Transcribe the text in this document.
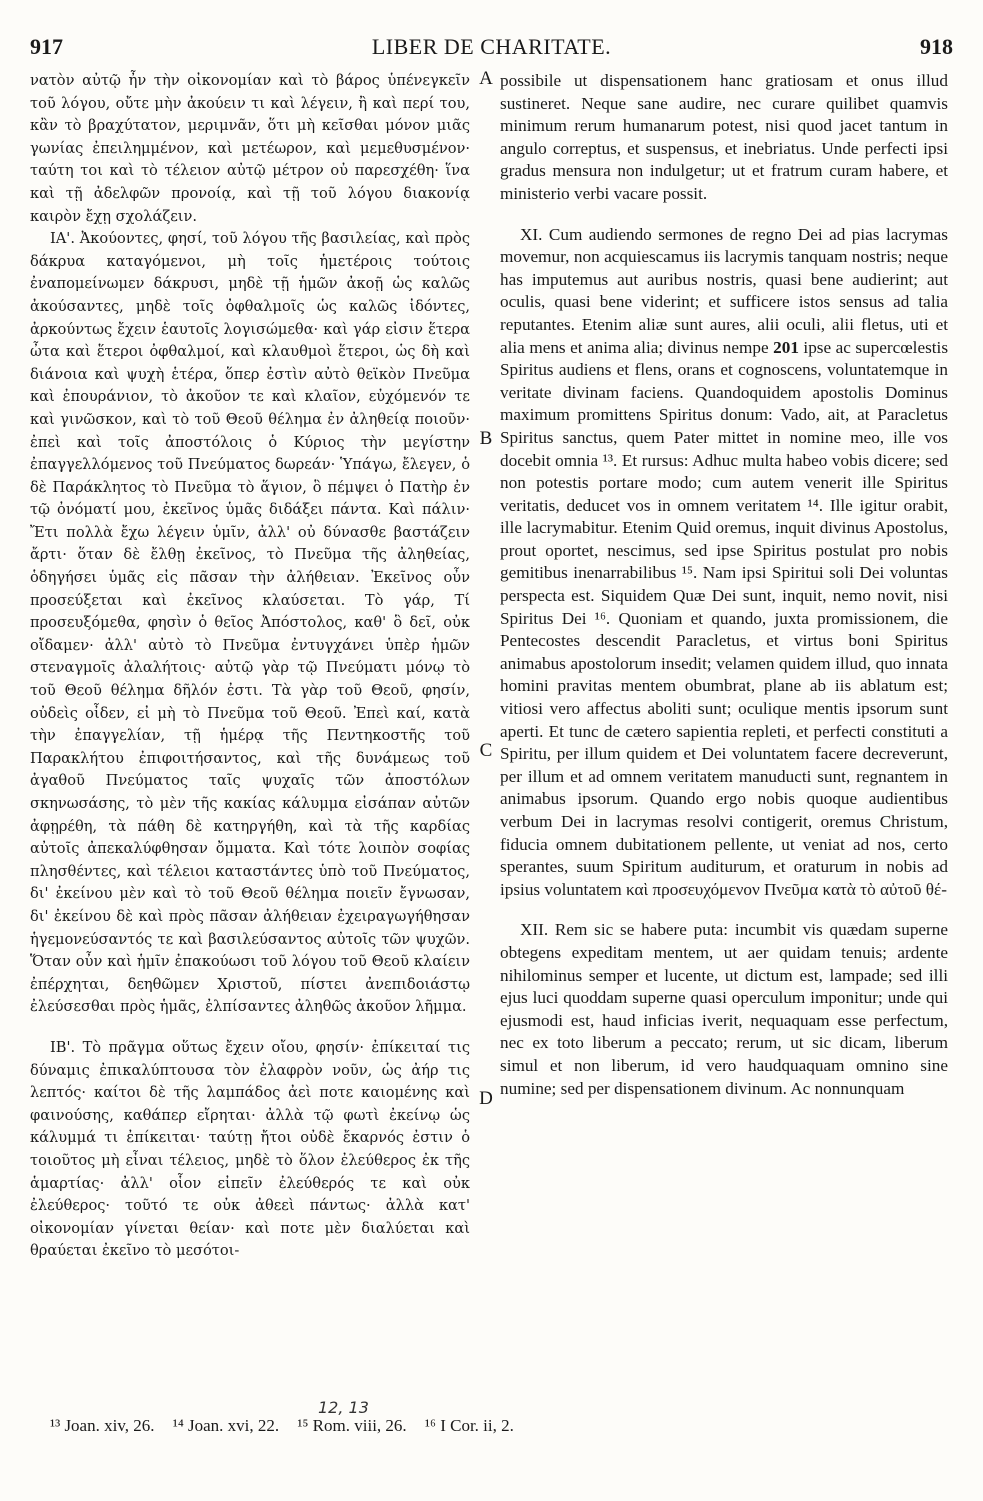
917	LIBER DE CHARITATE.	918

νατὸν αὐτῷ ἦν τὴν οἰκονομίαν καὶ τὸ βάρος ὑπένεγκεῖν τοῦ λόγου, οὔτε μὴν ἀκούειν τι καὶ λέγειν, ἢ καὶ περί του, κἂν τὸ βραχύτατον, μεριμνᾶν, ὅτι μὴ κεῖσθαι μόνον μιᾶς γωνίας ἐπειλημμένον, καὶ μετέωρον, καὶ μεμεθυσμένον· ταύτη τοι καὶ τὸ τέλειον αὐτῷ μέτρον οὐ παρεσχέθη· ἵνα καὶ τῇ ἀδελφῶν προνοίᾳ, καὶ τῇ τοῦ λόγου διακονίᾳ καιρὸν ἔχῃ σχολάζειν.

ΙΑ'. Ἀκούοντες, φησί, τοῦ λόγου τῆς βασιλείας, καὶ πρὸς δάκρυα καταγόμενοι, μὴ τοῖς ἡμετέροις τούτοις ἐναπομείνωμεν δάκρυσι, μηδὲ τῇ ἡμῶν ἀκοῇ ὡς καλῶς ἀκούσαντες, μηδὲ τοῖς ὀφθαλμοῖς ὡς καλῶς ἰδόντες, ἀρκούντως ἔχειν ἑαυτοῖς λογισώμεθα· καὶ γάρ εἰσιν ἕτερα ὦτα καὶ ἕτεροι ὀφθαλμοί, καὶ κλαυθμοὶ ἕτεροι, ὡς δὴ καὶ διάνοια καὶ ψυχὴ ἑτέρα, ὅπερ ἐστὶν αὐτὸ θεϊκὸν Πνεῦμα καὶ ἐπουράνιον, τὸ ἀκοῦον τε καὶ κλαῖον, εὐχόμενόν τε καὶ γινῶσκον, καὶ τὸ τοῦ Θεοῦ θέλημα ἐν ἀληθείᾳ ποιοῦν· ἐπεὶ καὶ τοῖς ἀποστόλοις ὁ Κύριος τὴν μεγίστην ἐπαγγελλόμενος τοῦ Πνεύματος δωρεάν· Ὑπάγω, ἔλεγεν, ὁ δὲ Παράκλητος τὸ Πνεῦμα τὸ ἅγιον, ὃ πέμψει ὁ Πατὴρ ἐν τῷ ὀνόματί μου, ἐκεῖνος ὑμᾶς διδάξει πάντα. Καὶ πάλιν· Ἔτι πολλὰ ἔχω λέγειν ὑμῖν, ἀλλ' οὐ δύνασθε βαστάζειν ἄρτι· ὅταν δὲ ἔλθῃ ἐκεῖνος, τὸ Πνεῦμα τῆς ἀληθείας, ὁδηγήσει ὑμᾶς εἰς πᾶσαν τὴν ἀλήθειαν. Ἐκεῖνος οὖν προσεύξεται καὶ ἐκεῖνος κλαύσεται. Τὸ γάρ, Τί προσευξόμεθα, φησὶν ὁ θεῖος Ἀπόστολος, καθ' ὃ δεῖ, οὐκ οἴδαμεν· ἀλλ' αὐτὸ τὸ Πνεῦμα ἐντυγχάνει ὑπὲρ ἡμῶν στεναγμοῖς ἀλαλήτοις· αὐτῷ γὰρ τῷ Πνεύματι μόνῳ τὸ τοῦ Θεοῦ θέλημα δῆλόν ἐστι. Τὰ γὰρ τοῦ Θεοῦ, φησίν, οὐδεὶς οἶδεν, εἰ μὴ τὸ Πνεῦμα τοῦ Θεοῦ. Ἐπεὶ καί, κατὰ τὴν ἐπαγγελίαν, τῇ ἡμέρᾳ τῆς Πεντηκοστῆς τοῦ Παρακλήτου ἐπιφοιτήσαντος, καὶ τῆς δυνάμεως τοῦ ἀγαθοῦ Πνεύματος ταῖς ψυχαῖς τῶν ἀποστόλων σκηνωσάσης, τὸ μὲν τῆς κακίας κάλυμμα εἰσάπαν αὐτῶν ἀφῃρέθη, τὰ πάθη δὲ κατηργήθη, καὶ τὰ τῆς καρδίας αὐτοῖς ἀπεκαλύφθησαν ὄμματα. Καὶ τότε λοιπὸν σοφίας πλησθέντες, καὶ τέλειοι καταστάντες ὑπὸ τοῦ Πνεύματος, δι' ἐκείνου μὲν καὶ τὸ τοῦ Θεοῦ θέλημα ποιεῖν ἔγνωσαν, δι' ἐκείνου δὲ καὶ πρὸς πᾶσαν ἀλήθειαν ἐχειραγωγήθησαν ἡγεμονεύσαντός τε καὶ βασιλεύσαντος αὐτοῖς τῶν ψυχῶν. Ὅταν οὖν καὶ ἡμῖν ἐπακούωσι τοῦ λόγου τοῦ Θεοῦ κλαίειν ἐπέρχηται, δεηθῶμεν Χριστοῦ, πίστει ἀνεπιδοιάστῳ ἐλεύσεσθαι πρὸς ἡμᾶς, ἐλπίσαντες ἀληθῶς ἀκοῦον λῆμμα.

ΙΒ'. Τὸ πρᾶγμα οὕτως ἔχειν οἴου, φησίν· ἐπίκειταί τις δύναμις ἐπικαλύπτουσα τὸν ἐλαφρὸν νοῦν, ὡς ἀήρ τις λεπτός· καίτοι δὲ τῆς λαμπάδος ἀεὶ ποτε καιομένης καὶ φαινούσης, καθάπερ εἴρηται· ἀλλὰ τῷ φωτὶ ἐκείνῳ ὡς κάλυμμά τι ἐπίκειται· ταύτῃ ἤτοι οὐδὲ ἔκαρνός ἐστιν ὁ τοιοῦτος μὴ εἶναι τέλειος, μηδὲ τὸ ὅλον ἐλεύθερος ἐκ τῆς ἁμαρτίας· ἀλλ' οἷον εἰπεῖν ἐλεύθερός τε καὶ οὐκ ἐλεύθερος· τοῦτό τε οὐκ ἀθεεὶ πάντως· ἀλλὰ κατ' οἰκονομίαν γίνεται θείαν· καὶ ποτε μὲν διαλύεται καὶ θραύεται ἐκεῖνο τὸ μεσότοι-

A
B
C
D

possibile ut dispensationem hanc gratiosam et onus illud sustineret. Neque sane audire, nec curare quilibet quamvis minimum rerum humanarum potest, nisi quod jacet tantum in angulo correptus, et suspensus, et inebriatus. Unde perfecti ipsi gradus mensura non indulgetur; ut et fratrum curam habere, et ministerio verbi vacare possit.

XI. Cum audiendo sermones de regno Dei ad pias lacrymas movemur, non acquiescamus iis lacrymis tanquam nostris; neque has imputemus aut auribus nostris, quasi bene audierint; aut oculis, quasi bene viderint; et sufficere istos sensus ad talia reputantes. Etenim aliæ sunt aures, alii oculi, alii fletus, uti et alia mens et anima alia; divinus nempe 201 ipse ac supercœlestis Spiritus audiens et flens, orans et cognoscens, voluntatemque in veritate divinam faciens. Quandoquidem apostolis Dominus maximum promittens Spiritus donum: Vado, ait, at Paracletus Spiritus sanctus, quem Pater mittet in nomine meo, ille vos docebit omnia ¹³. Et rursus: Adhuc multa habeo vobis dicere; sed non potestis portare modo; cum autem venerit ille Spiritus veritatis, deducet vos in omnem veritatem ¹⁴. Ille igitur orabit, ille lacrymabitur. Etenim Quid oremus, inquit divinus Apostolus, prout oportet, nescimus, sed ipse Spiritus postulat pro nobis gemitibus inenarrabilibus ¹⁵. Nam ipsi Spiritui soli Dei voluntas perspecta est. Siquidem Quæ Dei sunt, inquit, nemo novit, nisi Spiritus Dei ¹⁶. Quoniam et quando, juxta promissionem, die Pentecostes descendit Paracletus, et virtus boni Spiritus animabus apostolorum insedit; velamen quidem illud, quo innata homini pravitas mentem obumbrat, plane ab iis ablatum est; vitiosi vero affectus aboliti sunt; oculique mentis ipsorum sunt aperti. Et tunc de cætero sapientia repleti, et perfecti constituti a Spiritu, per illum quidem et Dei voluntatem facere decreverunt, per illum et ad omnem veritatem manuducti sunt, regnantem in animabus ipsorum. Quando ergo nobis quoque audientibus verbum Dei in lacrymas resolvi contigerit, oremus Christum, fiducia omnem dubitationem pellente, ut veniat ad nos, certo sperantes, suum Spiritum auditurum, et oraturum in nobis ad ipsius voluntatem καὶ προσευχόμενον Πνεῦμα κατὰ τὸ αὐτοῦ θέ-

XII. Rem sic se habere puta: incumbit vis quædam superne obtegens expeditam mentem, ut aer quidam tenuis; ardente nihilominus semper et lucente, ut dictum est, lampade; sed illi ejus luci quoddam superne quasi operculum imponitur; unde qui ejusmodi est, haud inficias iverit, nequaquam esse perfectum, nec ex toto liberum a peccato; rerum, ut sic dicam, liberum simul et non liberum, id vero haudquaquam omnino sine numine; sed per dispensationem divinum. Ac nonnunquam

12, 13
¹³ Joan. xiv, 26. ¹⁴ Joan. xvi, 22. ¹⁵ Rom. viii, 26. ¹⁶ I Cor. ii, 2.
